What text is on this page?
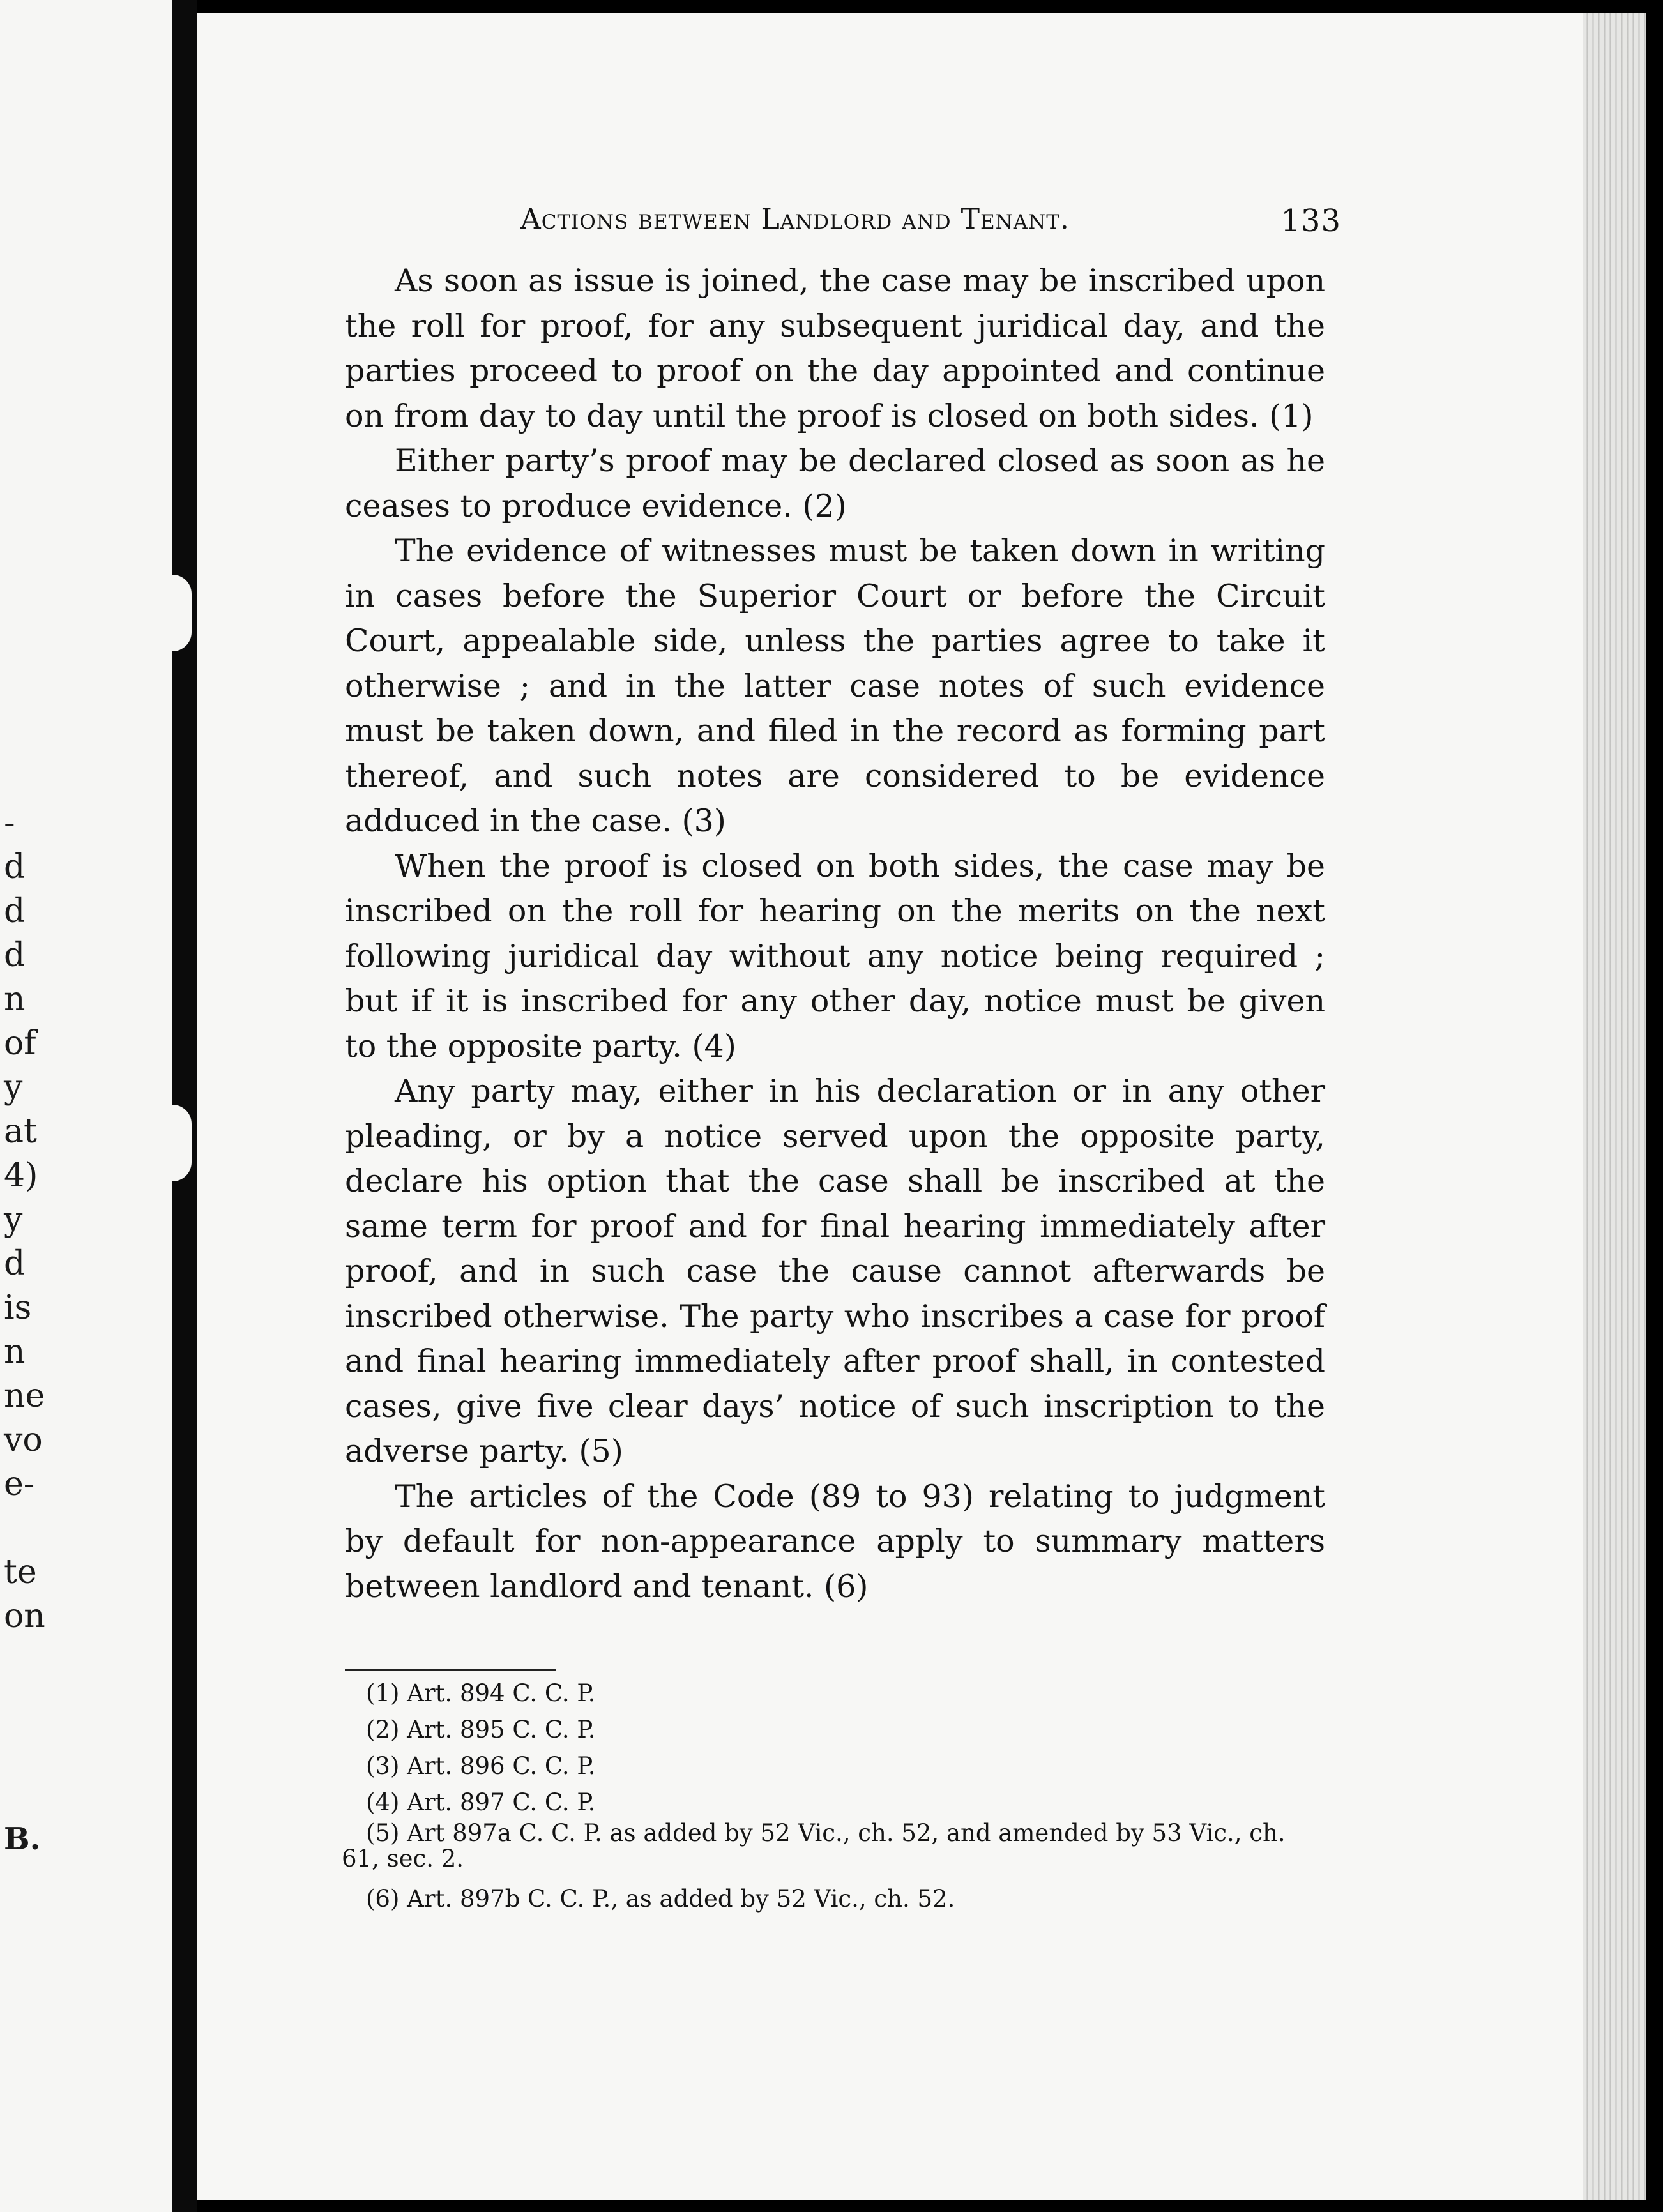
-
d
d
d
n
of
y
at
4)
y
d
is
n
ne
vo
e-
te
on
B.
Actions between Landlord and Tenant.	133

As soon as issue is joined, the case may be inscribed upon the roll for proof, for any subsequent juridical day, and the parties proceed to proof on the day appointed and continue on from day to day until the proof is closed on both sides. (1)

Either party’s proof may be declared closed as soon as he ceases to produce evidence. (2)

The evidence of witnesses must be taken down in writing in cases before the Superior Court or before the Circuit Court, appealable side, unless the parties agree to take it otherwise ; and in the latter case notes of such evidence must be taken down, and filed in the record as forming part thereof, and such notes are considered to be evidence adduced in the case. (3)

When the proof is closed on both sides, the case may be inscribed on the roll for hearing on the merits on the next following juridical day without any notice being required ; but if it is inscribed for any other day, notice must be given to the opposite party. (4)

Any party may, either in his declaration or in any other pleading, or by a notice served upon the opposite party, declare his option that the case shall be inscribed at the same term for proof and for final hearing immediately after proof, and in such case the cause cannot afterwards be inscribed otherwise. The party who inscribes a case for proof and final hearing immediately after proof shall, in contested cases, give five clear days’ notice of such inscription to the adverse party. (5)

The articles of the Code (89 to 93) relating to judgment by default for non-appearance apply to summary matters between landlord and tenant. (6)

(1) Art. 894 C. C. P.

(2) Art. 895 C. C. P.

(3) Art. 896 C. C. P.

(4) Art. 897 C. C. P.

(5) Art 897a C. C. P. as added by 52 Vic., ch. 52, and amended by 53 Vic., ch. 61, sec. 2.

(6) Art. 897b C. C. P., as added by 52 Vic., ch. 52.
